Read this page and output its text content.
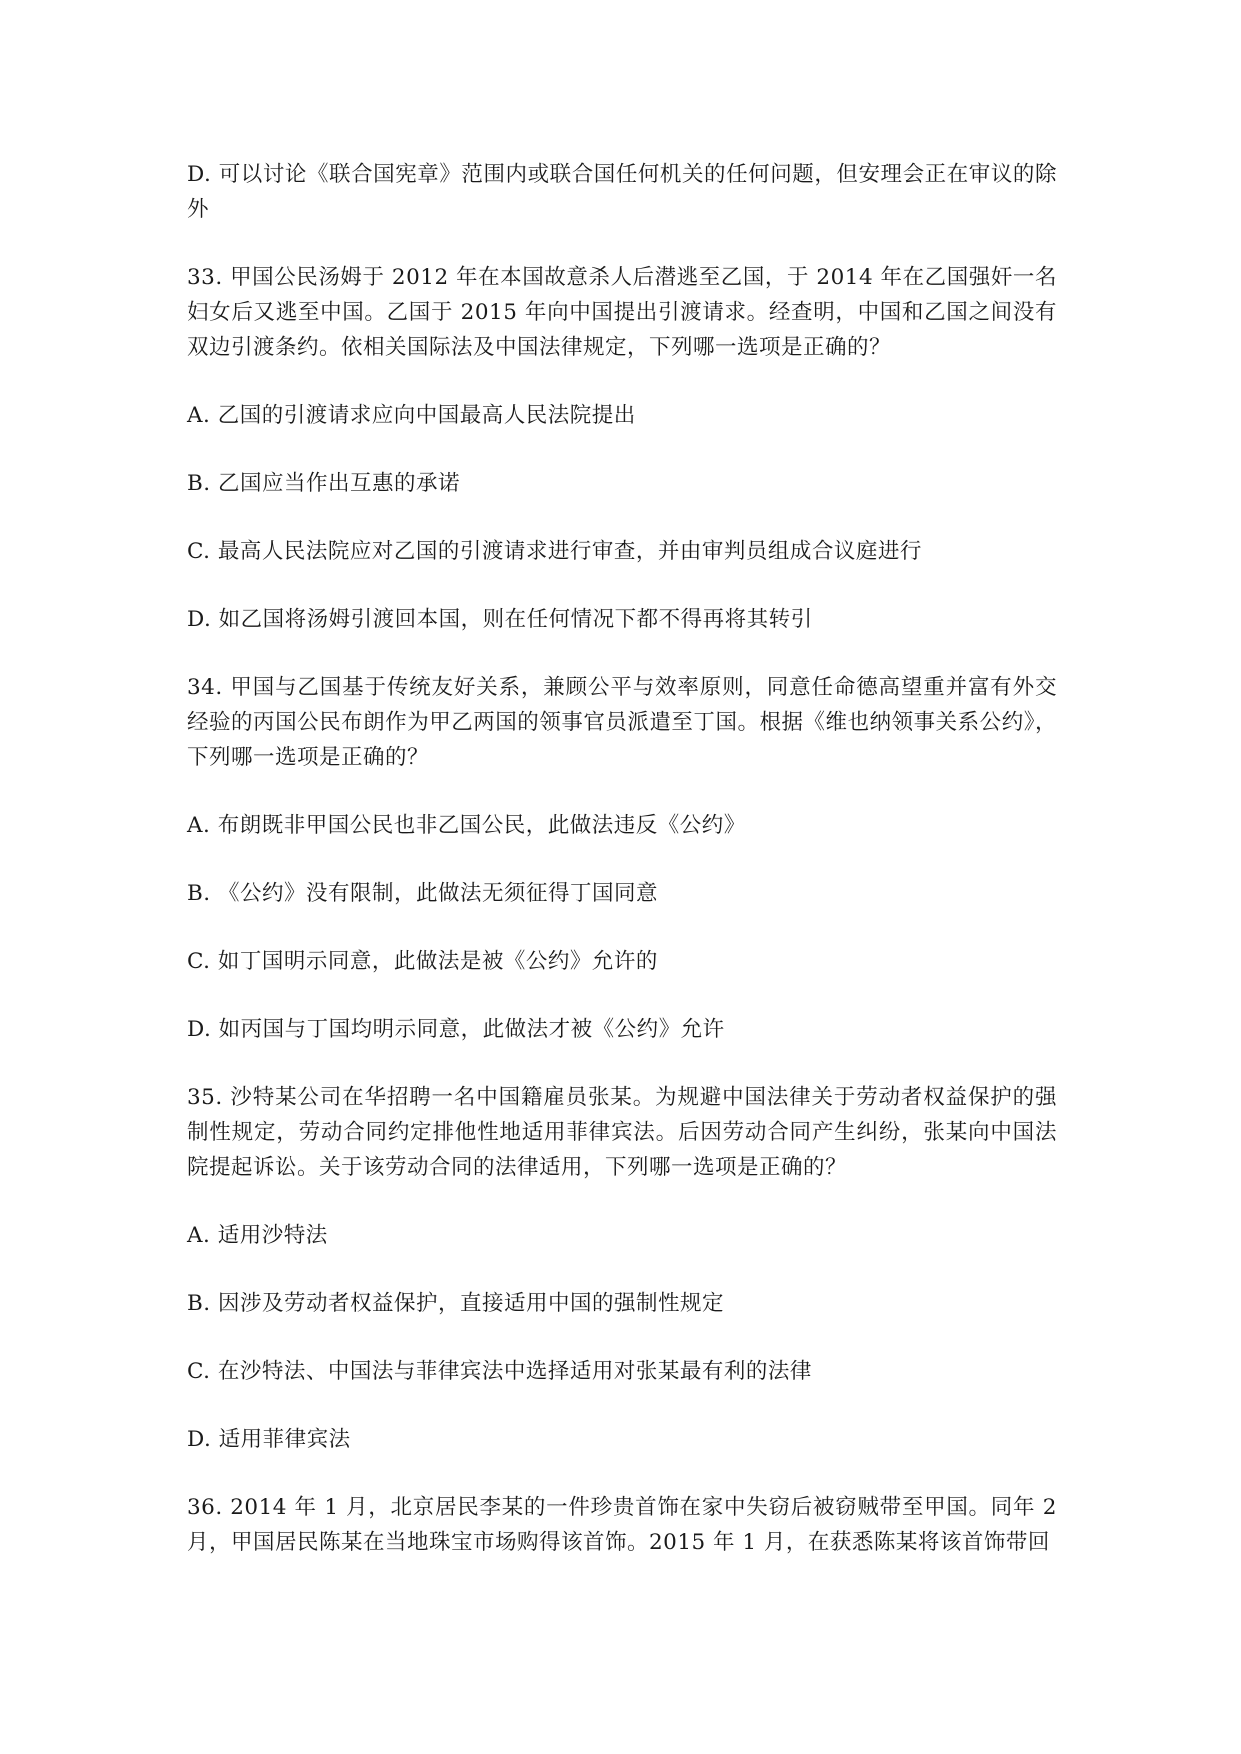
D. 可以讨论《联合国宪章》范围内或联合国任何机关的任何问题，但安理会正在审议的除外

33. 甲国公民汤姆于 2012 年在本国故意杀人后潜逃至乙国，于 2014 年在乙国强奸一名妇女后又逃至中国。乙国于 2015 年向中国提出引渡请求。经查明，中国和乙国之间没有双边引渡条约。依相关国际法及中国法律规定，下列哪一选项是正确的？

A. 乙国的引渡请求应向中国最高人民法院提出

B. 乙国应当作出互惠的承诺

C. 最高人民法院应对乙国的引渡请求进行审查，并由审判员组成合议庭进行

D. 如乙国将汤姆引渡回本国，则在任何情况下都不得再将其转引

34. 甲国与乙国基于传统友好关系，兼顾公平与效率原则，同意任命德高望重并富有外交经验的丙国公民布朗作为甲乙两国的领事官员派遣至丁国。根据《维也纳领事关系公约》，下列哪一选项是正确的？

A. 布朗既非甲国公民也非乙国公民，此做法违反《公约》

B. 《公约》没有限制，此做法无须征得丁国同意

C. 如丁国明示同意，此做法是被《公约》允许的

D. 如丙国与丁国均明示同意，此做法才被《公约》允许

35. 沙特某公司在华招聘一名中国籍雇员张某。为规避中国法律关于劳动者权益保护的强制性规定，劳动合同约定排他性地适用菲律宾法。后因劳动合同产生纠纷，张某向中国法院提起诉讼。关于该劳动合同的法律适用，下列哪一选项是正确的？

A. 适用沙特法

B. 因涉及劳动者权益保护，直接适用中国的强制性规定

C. 在沙特法、中国法与菲律宾法中选择适用对张某最有利的法律

D. 适用菲律宾法

36. 2014 年 1 月，北京居民李某的一件珍贵首饰在家中失窃后被窃贼带至甲国。同年 2 月，甲国居民陈某在当地珠宝市场购得该首饰。2015 年 1 月，在获悉陈某将该首饰带回
